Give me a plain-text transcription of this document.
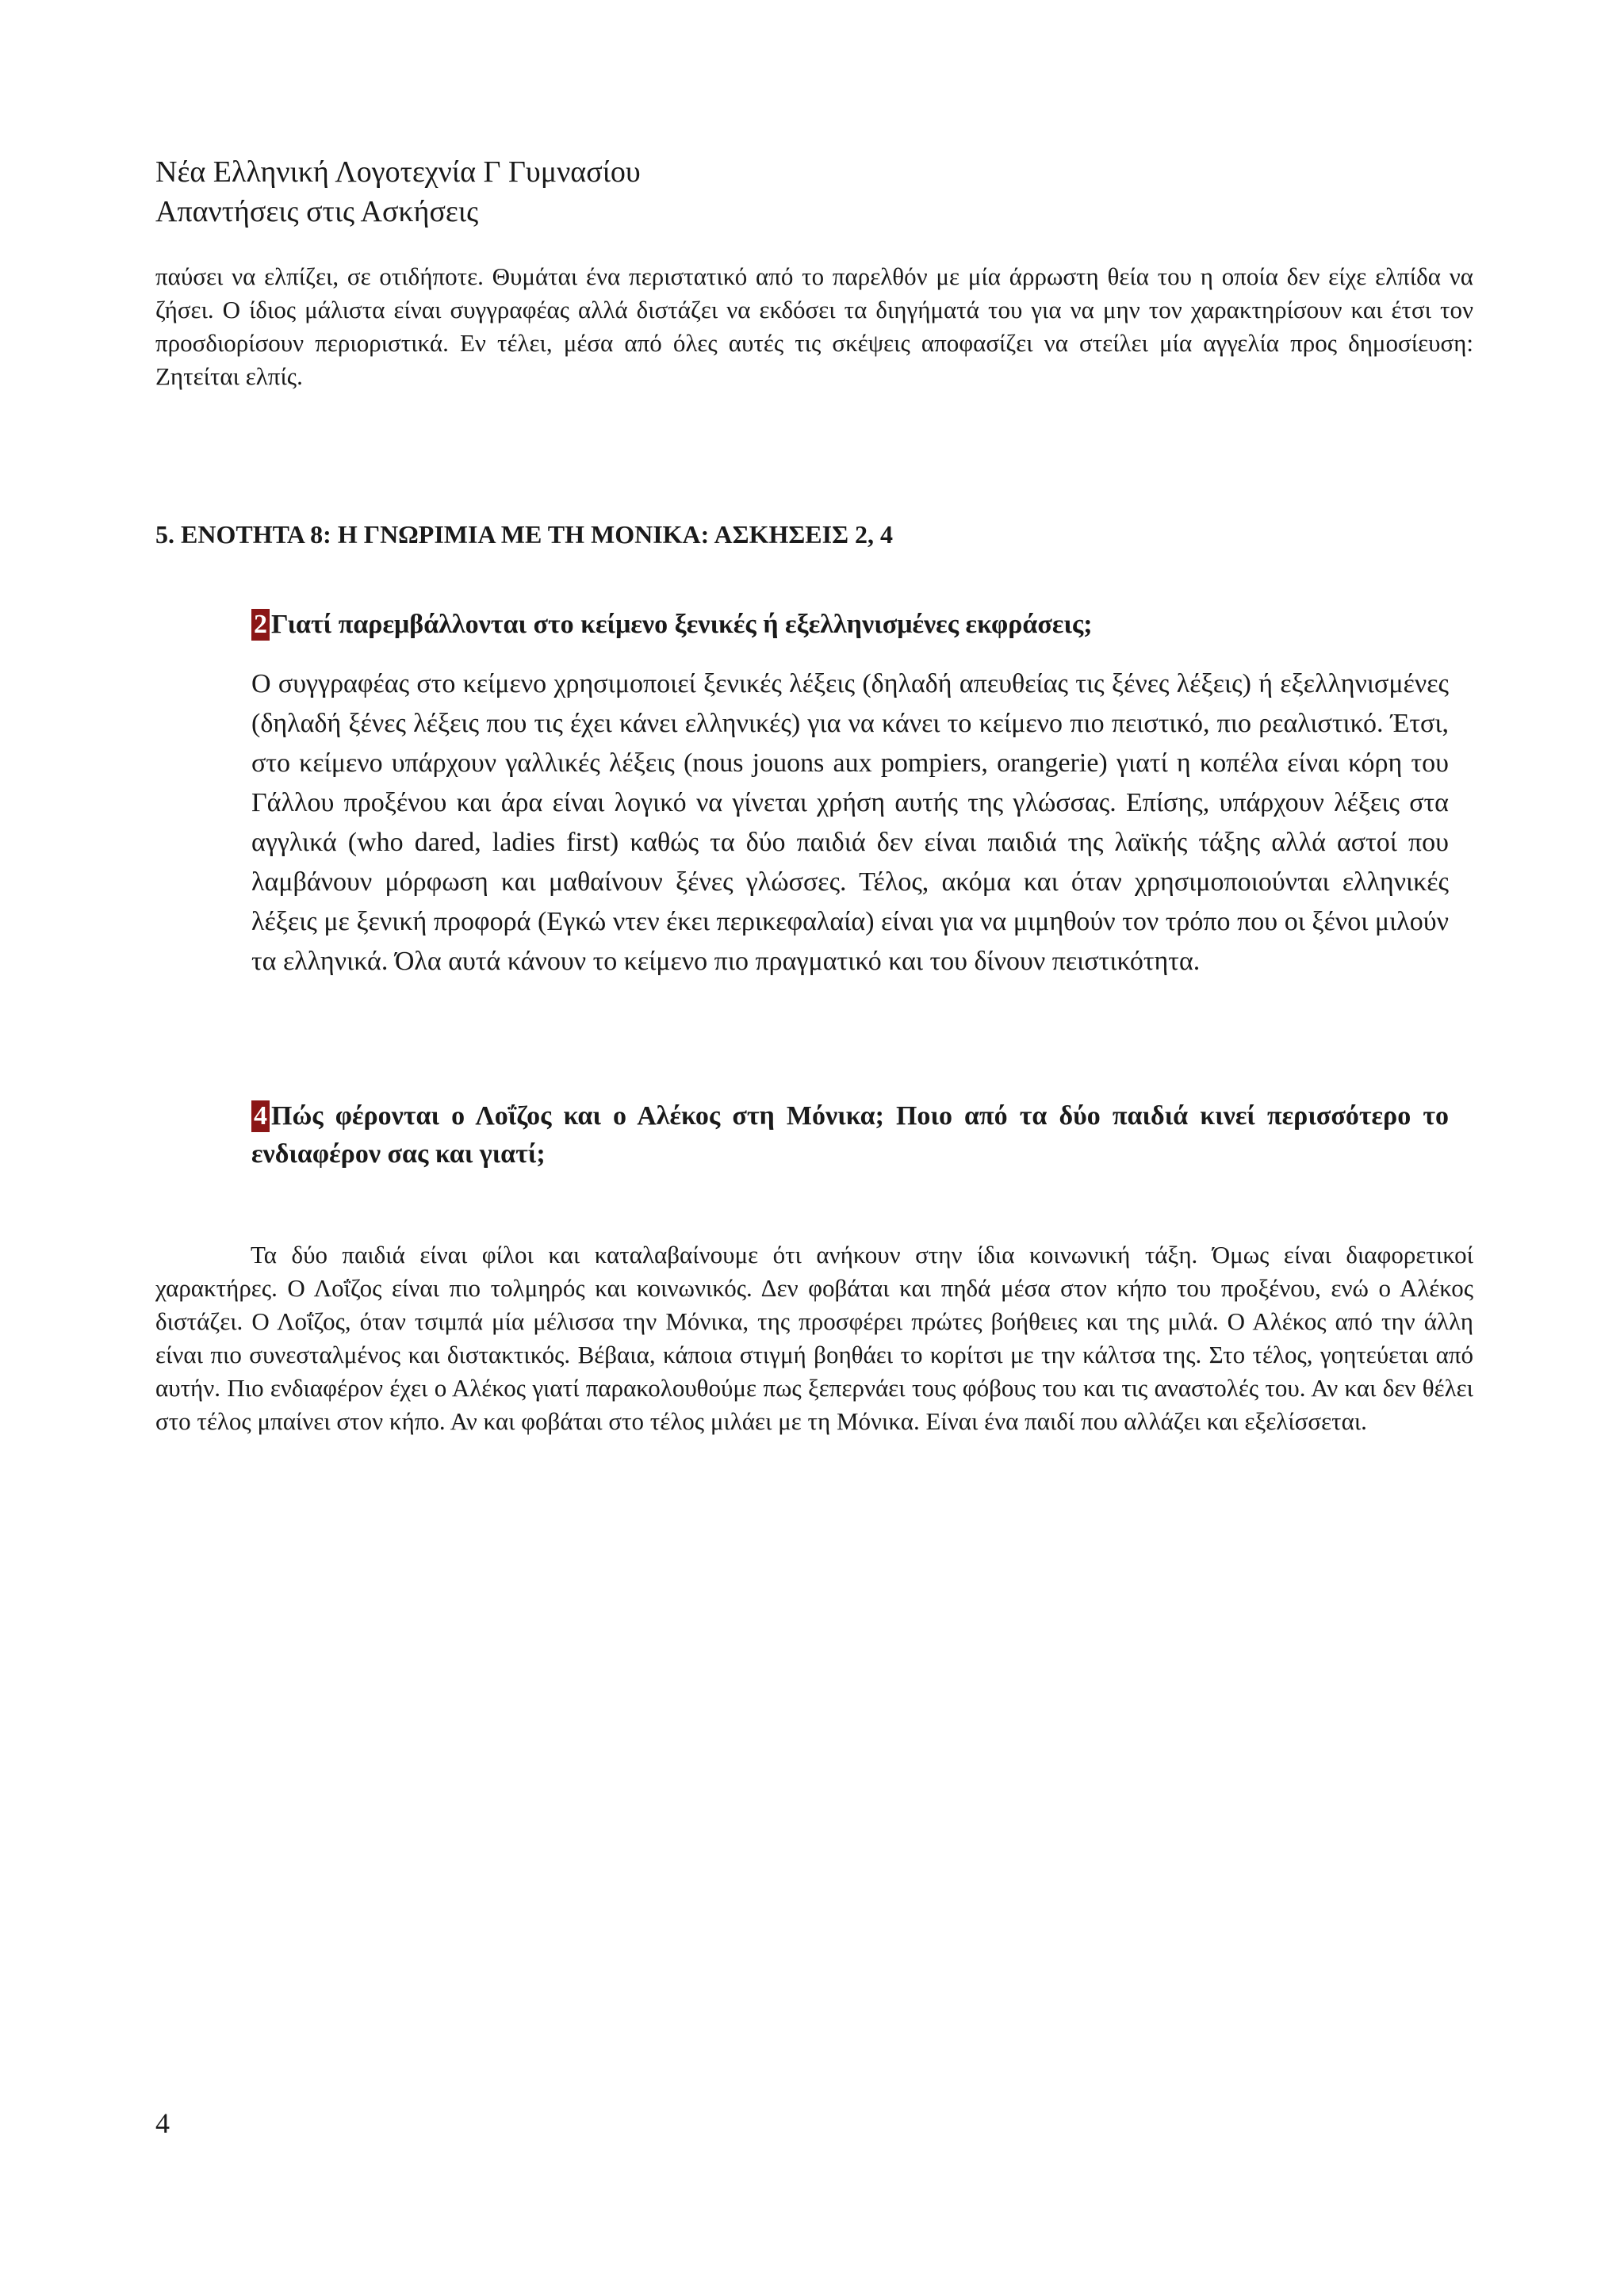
Νέα Ελληνική Λογοτεχνία Γ Γυμνασίου
Απαντήσεις στις Ασκήσεις
παύσει να ελπίζει, σε οτιδήποτε. Θυμάται ένα περιστατικό από το παρελθόν με μία άρρωστη θεία του η οποία δεν είχε ελπίδα να ζήσει. Ο ίδιος μάλιστα είναι συγγραφέας αλλά διστάζει να εκδόσει τα διηγήματά του για να μην τον χαρακτηρίσουν και έτσι τον προσδιορίσουν περιοριστικά. Εν τέλει, μέσα από όλες αυτές τις σκέψεις αποφασίζει να στείλει μία αγγελία προς δημοσίευση: Ζητείται ελπίς.
5. ΕΝΟΤΗΤΑ 8: Η ΓΝΩΡΙΜΙΑ ΜΕ ΤΗ ΜΟΝΙΚΑ: ΑΣΚΗΣΕΙΣ 2, 4
2 Γιατί παρεμβάλλονται στο κείμενο ξενικές ή εξελληνισμένες εκφράσεις;
Ο συγγραφέας στο κείμενο χρησιμοποιεί ξενικές λέξεις (δηλαδή απευθείας τις ξένες λέξεις) ή εξελληνισμένες (δηλαδή ξένες λέξεις που τις έχει κάνει ελληνικές) για να κάνει το κείμενο πιο πειστικό, πιο ρεαλιστικό. Έτσι, στο κείμενο υπάρχουν γαλλικές λέξεις (nous jouons aux pompiers, orangerie) γιατί η κοπέλα είναι κόρη του Γάλλου προξένου και άρα είναι λογικό να γίνεται χρήση αυτής της γλώσσας. Επίσης, υπάρχουν λέξεις στα αγγλικά (who dared, ladies first) καθώς τα δύο παιδιά δεν είναι παιδιά της λαϊκής τάξης αλλά αστοί που λαμβάνουν μόρφωση και μαθαίνουν ξένες γλώσσες. Τέλος, ακόμα και όταν χρησιμοποιούνται ελληνικές λέξεις με ξενική προφορά (Εγκώ ντεν έκει περικεφαλαία) είναι για να μιμηθούν τον τρόπο που οι ξένοι μιλούν τα ελληνικά. Όλα αυτά κάνουν το κείμενο πιο πραγματικό και του δίνουν πειστικότητα.
4 Πώς φέρονται ο Λοΐζος και ο Αλέκος στη Μόνικα; Ποιο από τα δύο παιδιά κινεί περισσότερο το ενδιαφέρον σας και γιατί;
Τα δύο παιδιά είναι φίλοι και καταλαβαίνουμε ότι ανήκουν στην ίδια κοινωνική τάξη. Όμως είναι διαφορετικοί χαρακτήρες. Ο Λοΐζος είναι πιο τολμηρός και κοινωνικός. Δεν φοβάται και πηδά μέσα στον κήπο του προξένου, ενώ ο Αλέκος διστάζει. Ο Λοΐζος, όταν τσιμπά μία μέλισσα την Μόνικα, της προσφέρει πρώτες βοήθειες και της μιλά. Ο Αλέκος από την άλλη είναι πιο συνεσταλμένος και διστακτικός. Βέβαια, κάποια στιγμή βοηθάει το κορίτσι με την κάλτσα της. Στο τέλος, γοητεύεται από αυτήν. Πιο ενδιαφέρον έχει ο Αλέκος γιατί παρακολουθούμε πως ξεπερνάει τους φόβους του και τις αναστολές του. Αν και δεν θέλει στο τέλος μπαίνει στον κήπο. Αν και φοβάται στο τέλος μιλάει με τη Μόνικα. Είναι ένα παιδί που αλλάζει και εξελίσσεται.
4
